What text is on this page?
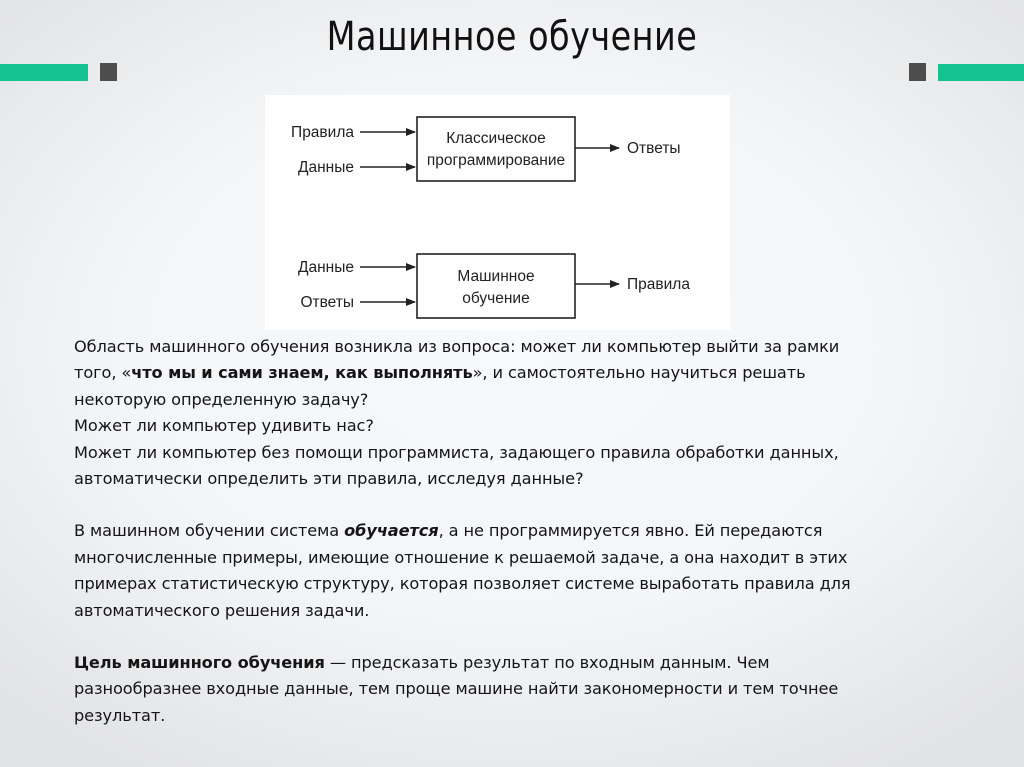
Машинное обучение
Правила
Данные
Классическое
программирование
Ответы
Данные
Ответы
Машинное
обучение
Правила

Область машинного обучения возникла из вопроса: может ли компьютер выйти за рамки

того, «что мы и сами знаем, как выполнять», и самостоятельно научиться решать

некоторую определенную задачу?

Может ли компьютер удивить нас?

Может ли компьютер без помощи программиста, задающего правила обработки данных,

автоматически определить эти правила, исследуя данные?

В машинном обучении система обучается, а не программируется явно. Ей передаются

многочисленные примеры, имеющие отношение к решаемой задаче, а она находит в этих

примерах статистическую структуру, которая позволяет системе выработать правила для

автоматического решения задачи.

Цель машинного обучения — предсказать результат по входным данным. Чем

разнообразнее входные данные, тем проще машине найти закономерности и тем точнее

результат.
